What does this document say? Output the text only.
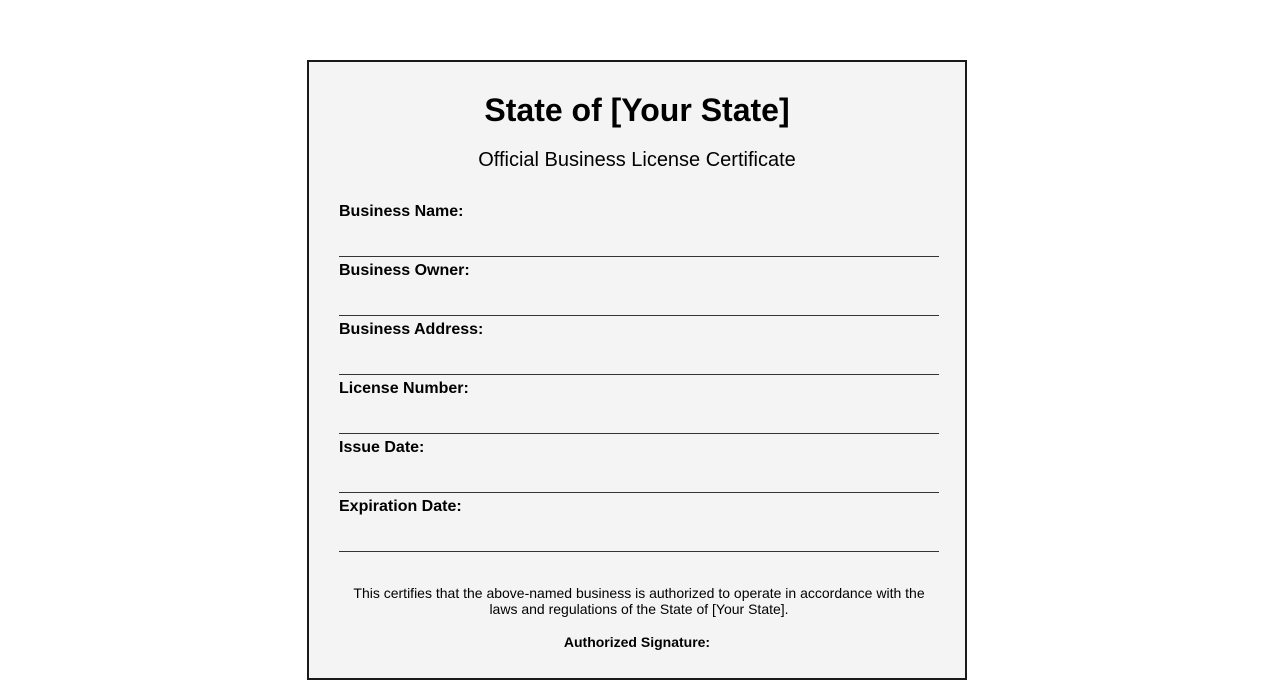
State of [Your State]

Official Business License Certificate

Business Name:
Business Owner:
Business Address:
License Number:
Issue Date:
Expiration Date:

This certifies that the above-named business is authorized to operate in accordance with the laws and regulations of the State of [Your State].

Authorized Signature:
